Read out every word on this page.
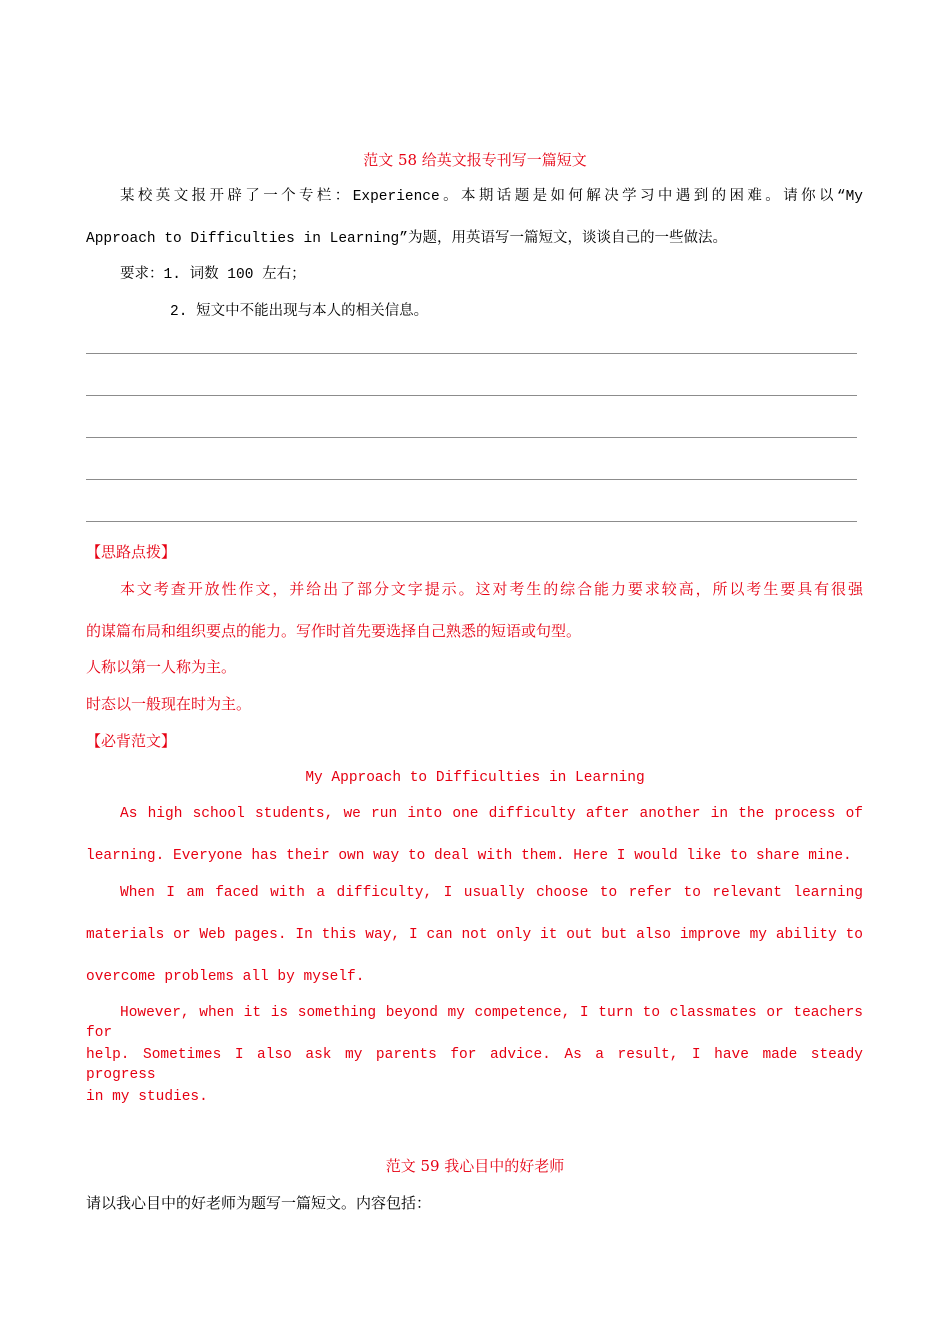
范文 58 给英文报专刊写一篇短文

某校英文报开辟了一个专栏：Experience。本期话题是如何解决学习中遇到的困难。请你以“My

Approach to Difficulties in Learning”为题，用英语写一篇短文，谈谈自己的一些做法。

要求：1. 词数 100 左右；

2. 短文中不能出现与本人的相关信息。

【思路点拨】

本文考查开放性作文，并给出了部分文字提示。这对考生的综合能力要求较高，所以考生要具有很强

的谋篇布局和组织要点的能力。写作时首先要选择自己熟悉的短语或句型。

人称以第一人称为主。

时态以一般现在时为主。

【必背范文】

My Approach to Difficulties in Learning

As high school students, we run into one difficulty after another in the process of

learning. Everyone has their own way to deal with them. Here I would like to share mine.

When I am faced with a difficulty, I usually choose to refer to relevant learning

materials or Web pages. In this way, I can not only it out but also improve my ability to

overcome problems all by myself.

However, when it is something beyond my competence, I turn to classmates or teachers for

help. Sometimes I also ask my parents for advice. As a result, I have made steady progress

in my studies.

范文 59 我心目中的好老师

请以我心目中的好老师为题写一篇短文。内容包括：
